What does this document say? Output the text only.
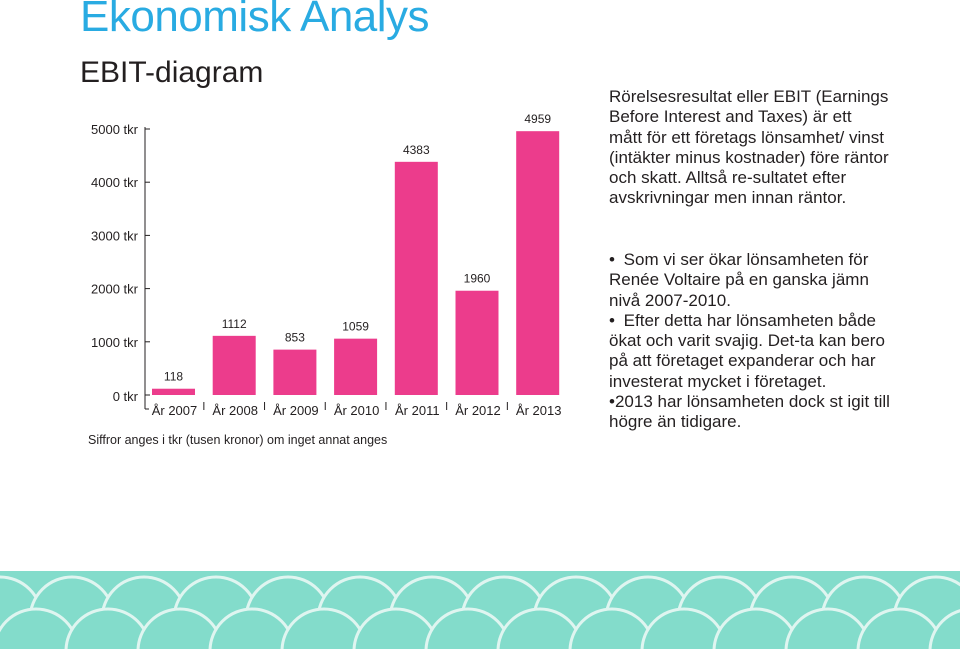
Ekonomisk Analys
EBIT-diagram
0 tkr
1000 tkr
2000 tkr
3000 tkr
4000 tkr
5000 tkr
118
År 2007
1112
År 2008
853
År 2009
1059
År 2010
4383
År 2011
1960
År 2012
4959
År 2013
Siffror anges i tkr (tusen kronor) om inget annat anges

Rörelsesresultat eller EBIT (Earnings Before Interest and Taxes) är ett mått för ett företags lönsamhet/ vinst (intäkter minus kostnader) före räntor och skatt. Alltså re-sultatet efter avskrivningar men innan räntor.

• Som vi ser ökar lönsamheten för Renée Voltaire på en ganska jämn nivå 2007-2010.

• Efter detta har lönsamheten både ökat och varit svajig. Det-ta kan bero på att företaget expanderar och har investerat mycket i företaget.

•2013 har lönsamheten dock st igit till högre än tidigare.
